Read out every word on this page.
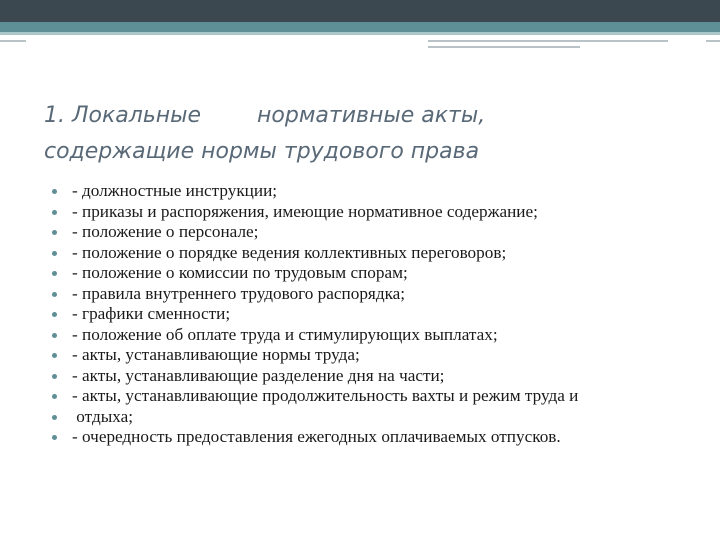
1. Локальные        нормативные акты,
содержащие нормы трудового права
- должностные инструкции;
- приказы и распоряжения, имеющие нормативное содержание;
- положение о персонале;
- положение о порядке ведения коллективных переговоров;
- положение о комиссии по трудовым спорам;
- правила внутреннего трудового распорядка;
- графики сменности;
- положение об оплате труда и стимулирующих выплатах;
- акты, устанавливающие нормы труда;
- акты, устанавливающие разделение дня на части;
- акты, устанавливающие продолжительность вахты и режим труда и
отдыха;
- очередность предоставления ежегодных оплачиваемых отпусков.
